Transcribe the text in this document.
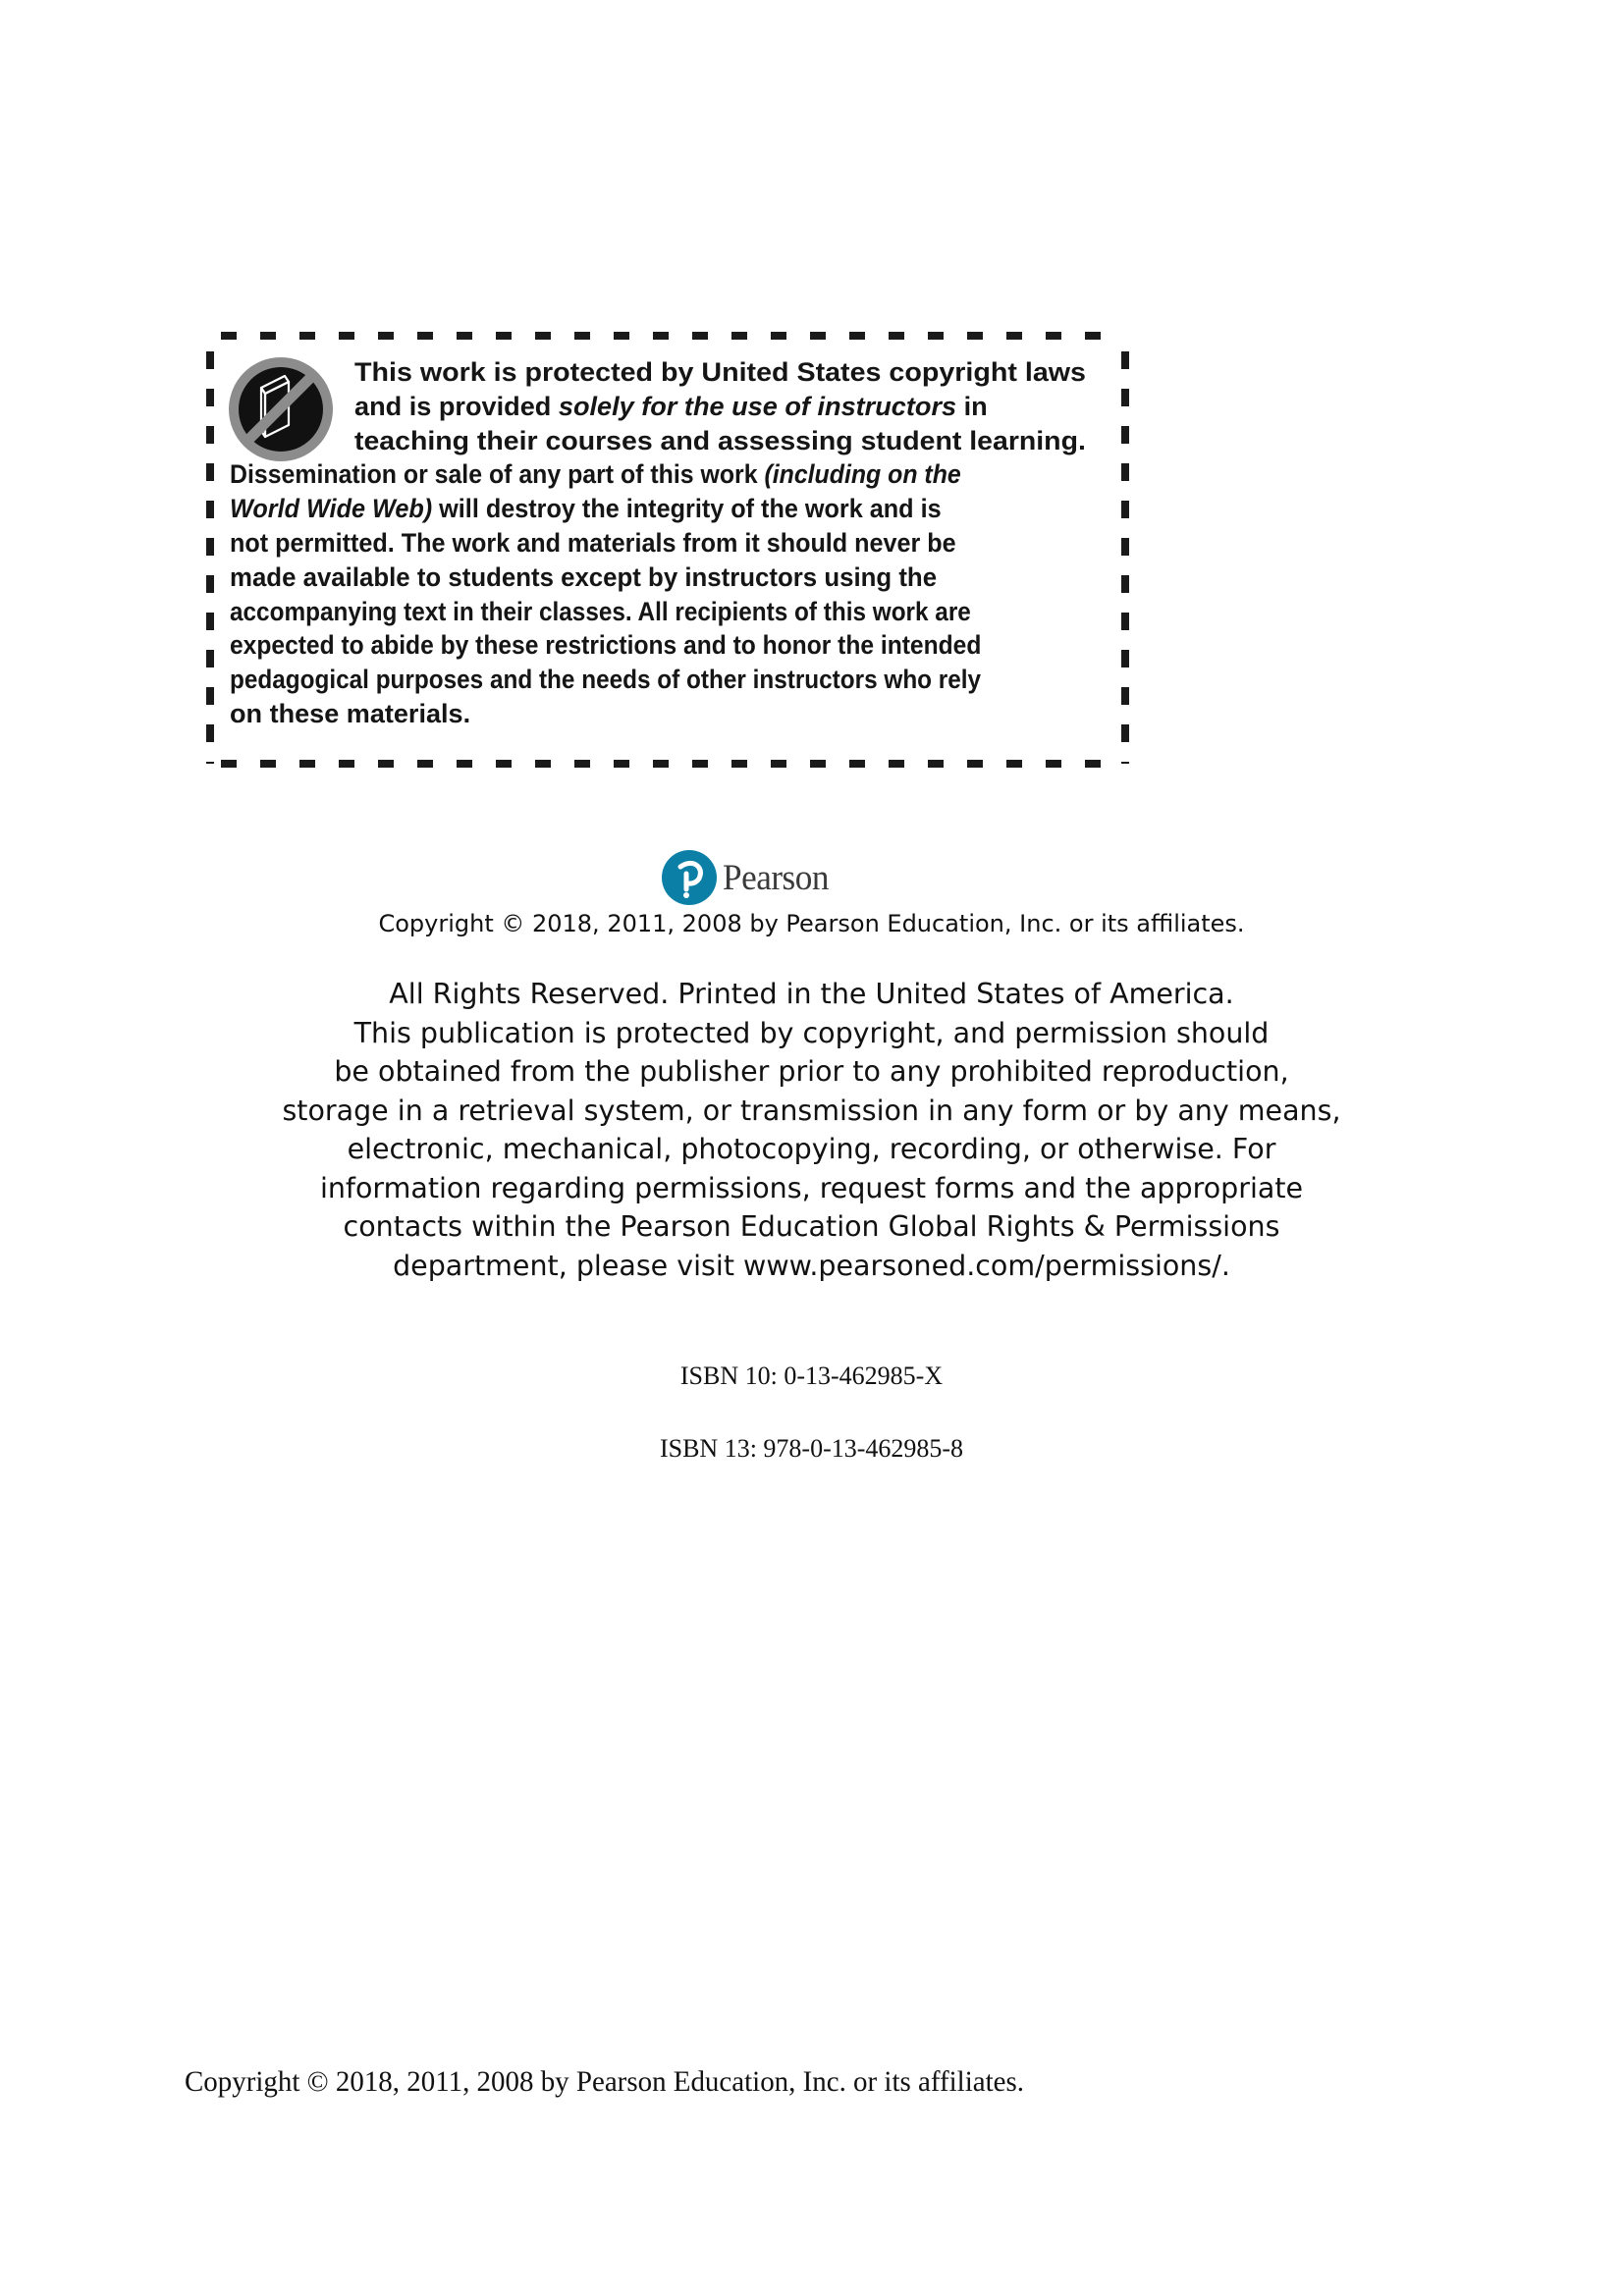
This work is protected by United States copyright laws
and is provided solely for the use of instructors in
teaching their courses and assessing student learning.
Dissemination or sale of any part of this work (including on the
World Wide Web) will destroy the integrity of the work and is
not permitted. The work and materials from it should never be
made available to students except by instructors using the
accompanying text in their classes. All recipients of this work are
expected to abide by these restrictions and to honor the intended
pedagogical purposes and the needs of other instructors who rely
on these materials.
Pearson
Copyright © 2018, 2011, 2008 by Pearson Education, Inc. or its affiliates.
All Rights Reserved. Printed in the United States of America.
This publication is protected by copyright, and permission should
be obtained from the publisher prior to any prohibited reproduction,
storage in a retrieval system, or transmission in any form or by any means,
electronic, mechanical, photocopying, recording, or otherwise. For
information regarding permissions, request forms and the appropriate
contacts within the Pearson Education Global Rights & Permissions
department, please visit www.pearsoned.com/permissions/.
ISBN 10: 0-13-462985-X
ISBN 13: 978-0-13-462985-8
Copyright © 2018, 2011, 2008 by Pearson Education, Inc. or its affiliates.
